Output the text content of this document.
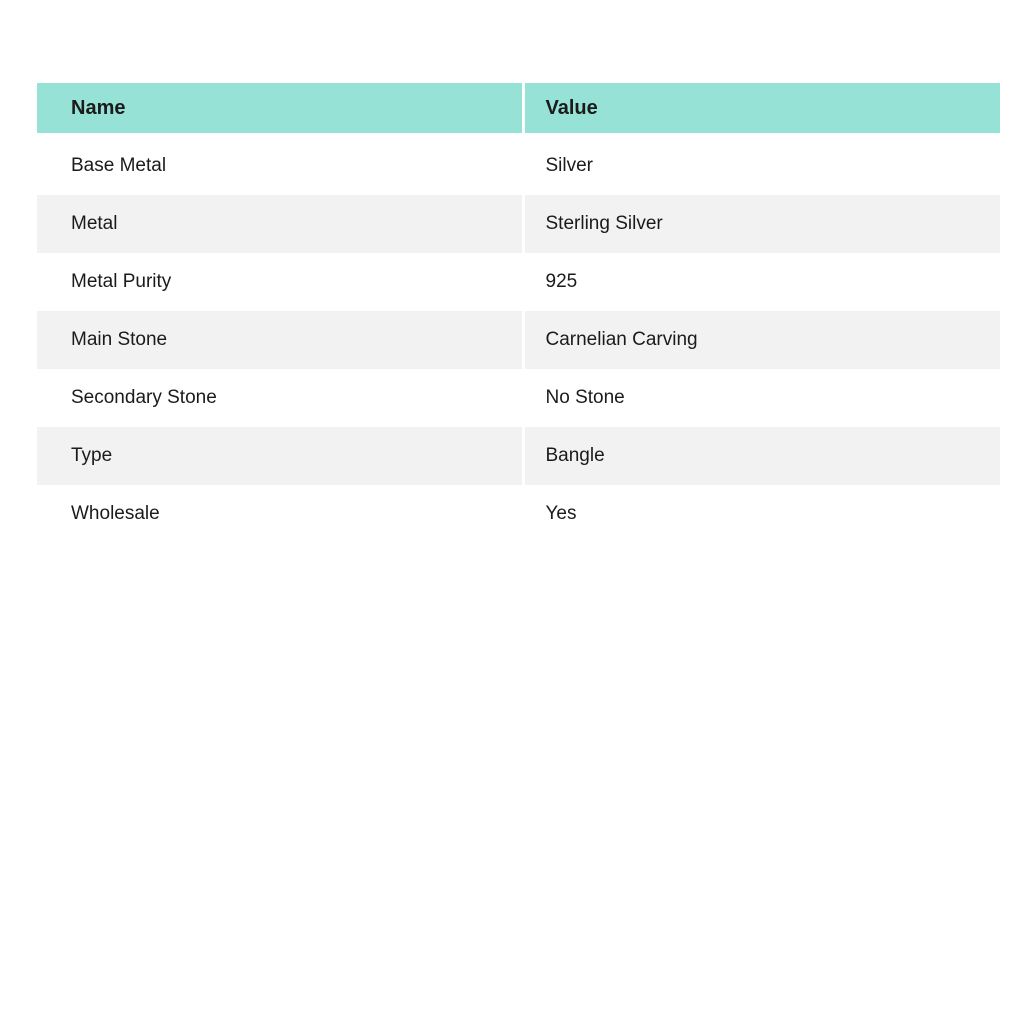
Name	Value
Base Metal	Silver
Metal	Sterling Silver
Metal Purity	925
Main Stone	Carnelian Carving
Secondary Stone	No Stone
Type	Bangle
Wholesale	Yes
